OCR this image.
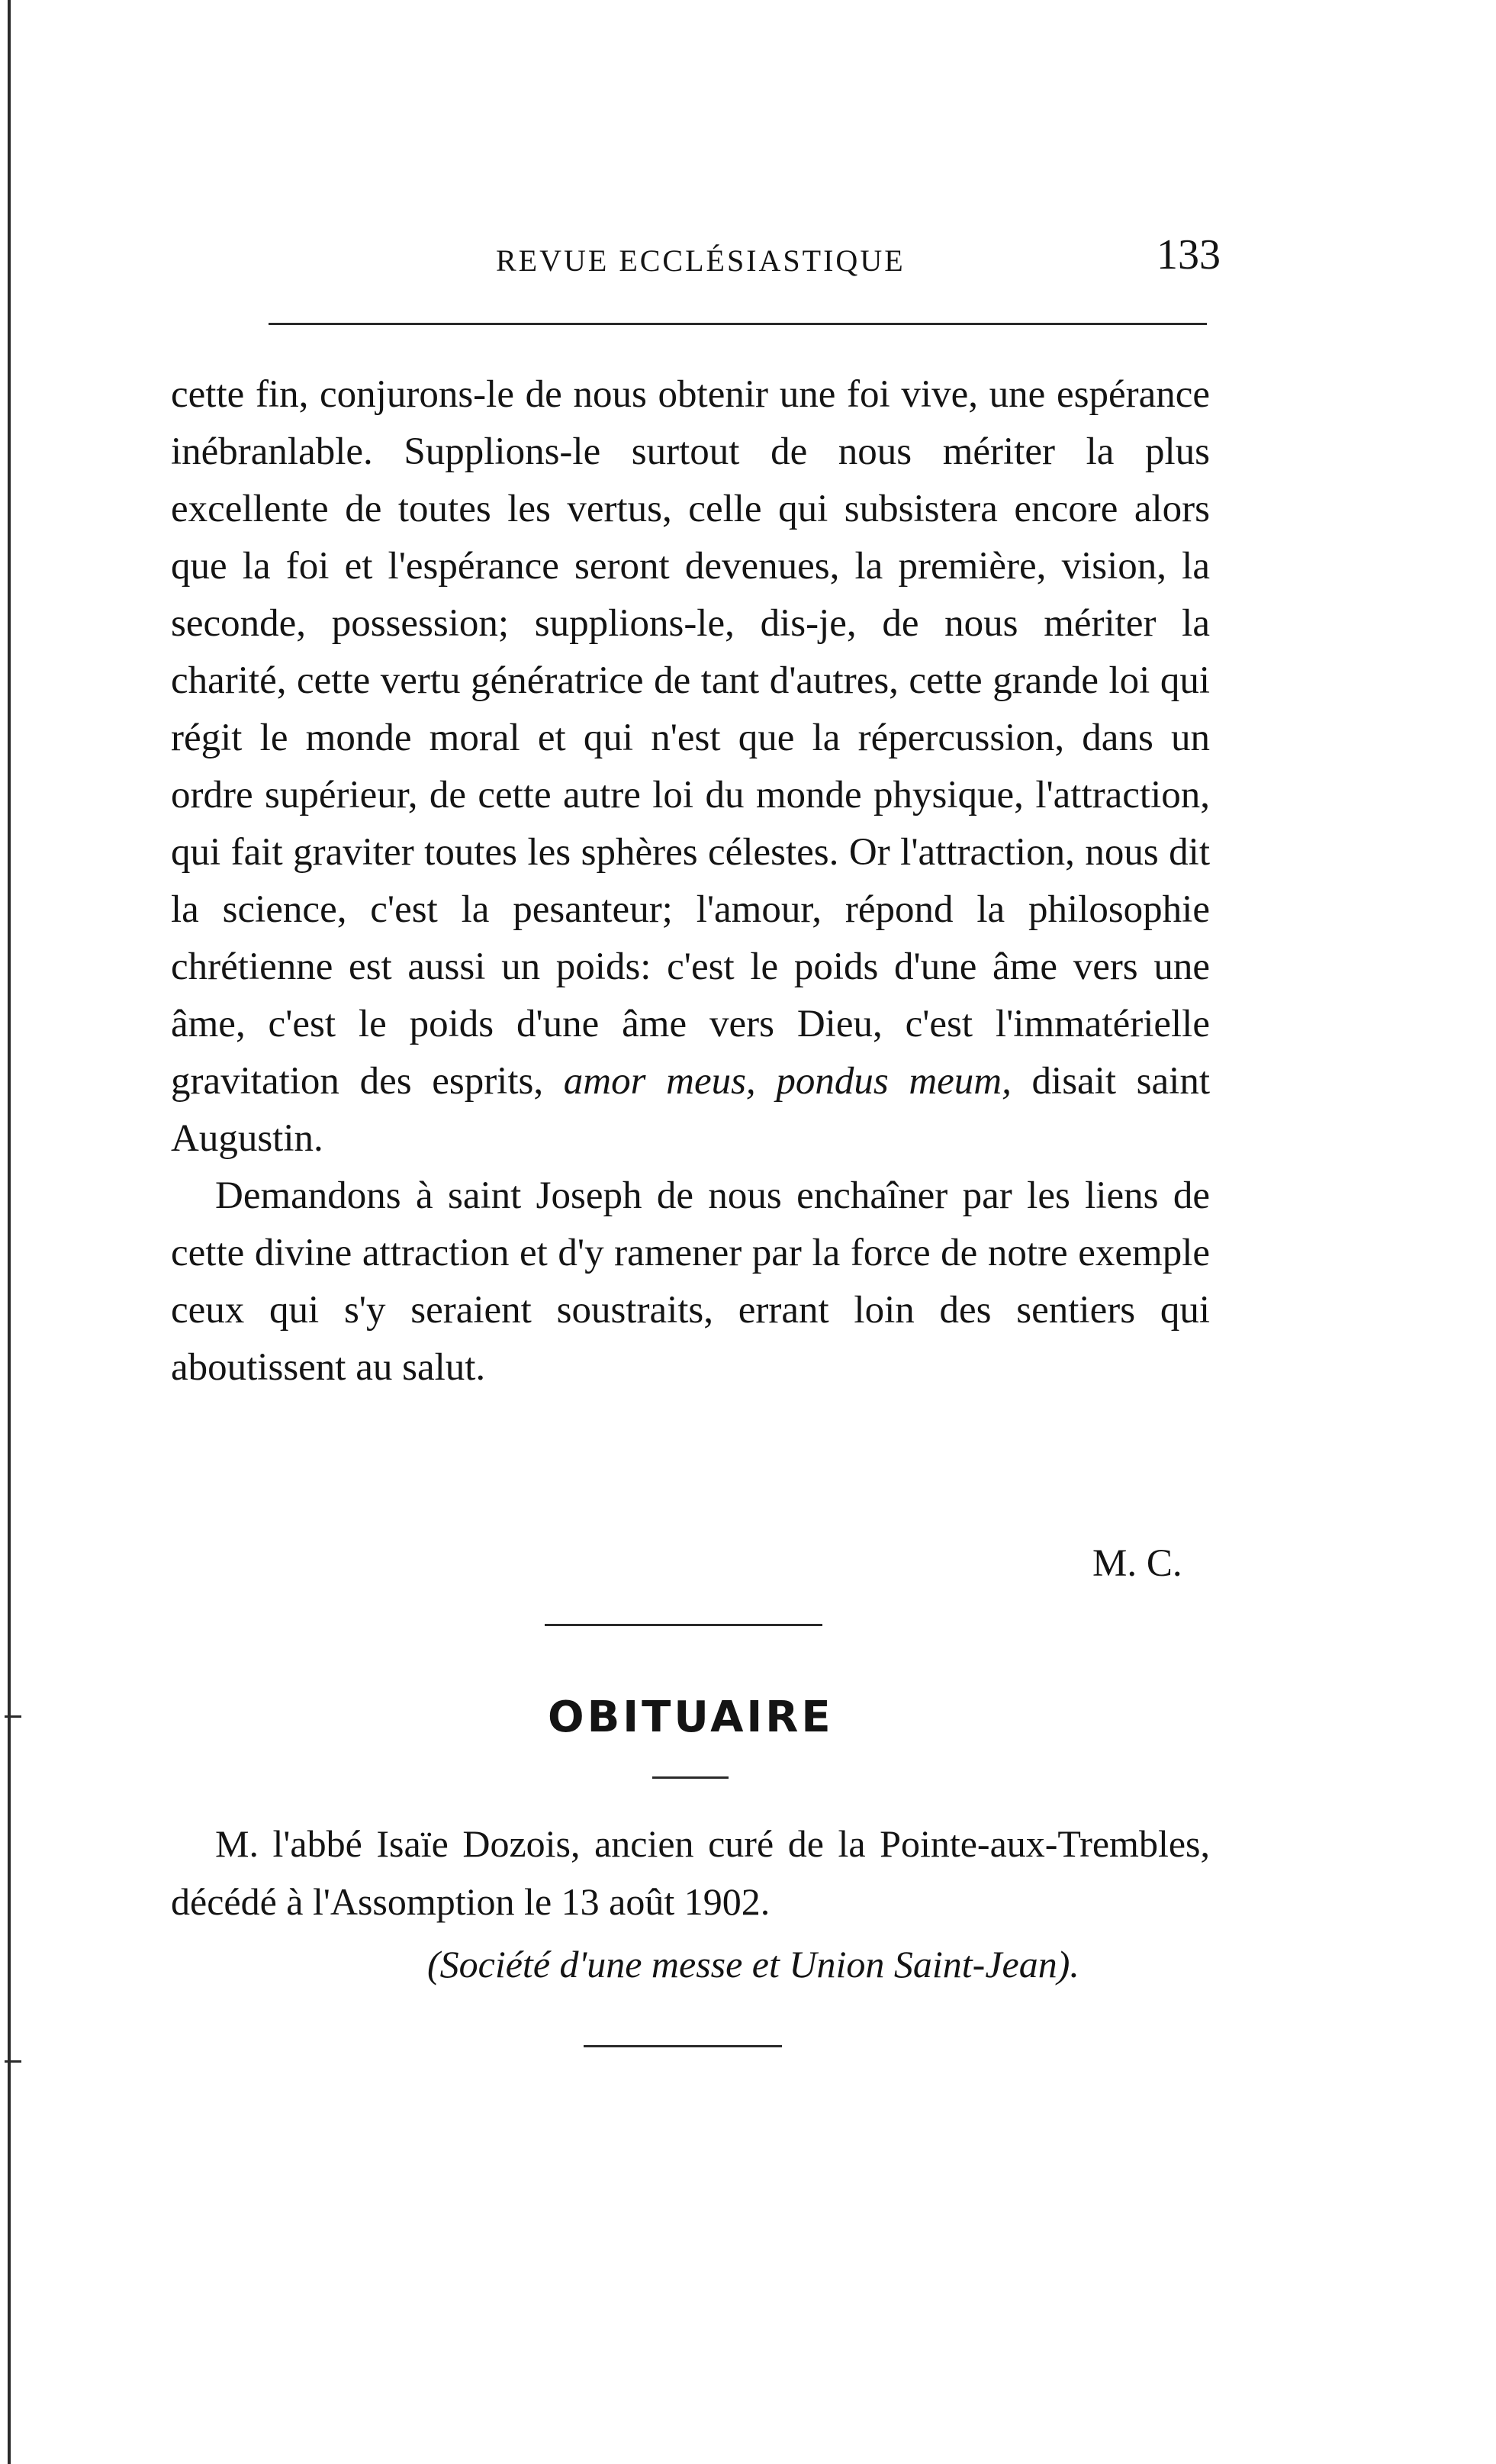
REVUE ECCLÉSIASTIQUE	133

cette fin, conjurons-le de nous obtenir une foi vive, une espérance inébranlable. Supplions-le surtout de nous mériter la plus excellente de toutes les vertus, celle qui subsistera encore alors que la foi et l'espérance seront devenues, la première, vision, la seconde, possession; supplions-le, dis-je, de nous mériter la charité, cette vertu génératrice de tant d'autres, cette grande loi qui régit le monde moral et qui n'est que la répercussion, dans un ordre supérieur, de cette autre loi du monde physique, l'attraction, qui fait graviter toutes les sphères célestes. Or l'attraction, nous dit la science, c'est la pesanteur; l'amour, répond la philosophie chrétienne est aussi un poids: c'est le poids d'une âme vers une âme, c'est le poids d'une âme vers Dieu, c'est l'immatérielle gravitation des esprits, amor meus, pondus meum, disait saint Augustin.

Demandons à saint Joseph de nous enchaîner par les liens de cette divine attraction et d'y ramener par la force de notre exemple ceux qui s'y seraient soustraits, errant loin des sentiers qui aboutissent au salut.

M. C.
OBITUAIRE
M. l'abbé Isaïe Dozois, ancien curé de la Pointe-aux-Trembles, décédé à l'Assomption le 13 août 1902.
(Société d'une messe et Union Saint-Jean).
